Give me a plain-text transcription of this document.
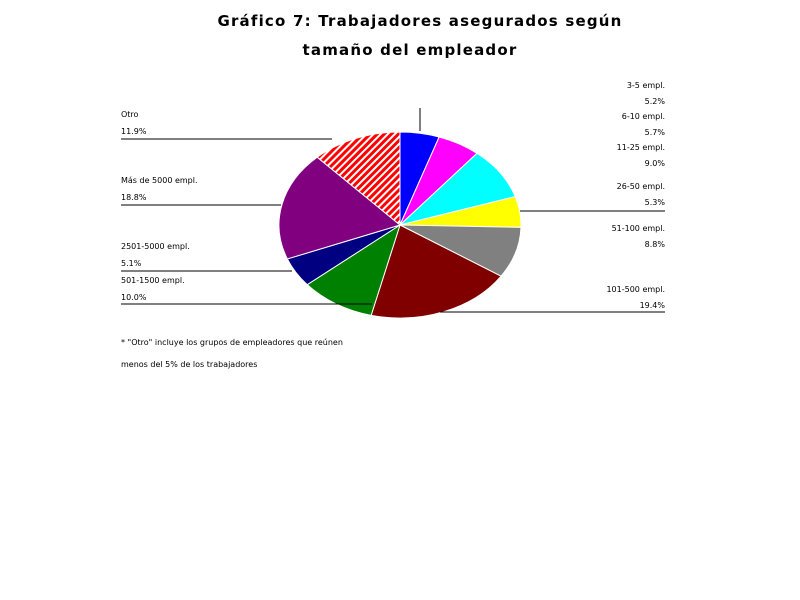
Gráfico 7: Trabajadores asegurados según
tamaño del empleador
3-5 empl.
5.2%
6-10 empl.
5.7%
11-25 empl.
9.0%
26-50 empl.
5.3%
51-100 empl.
8.8%
101-500 empl.
19.4%
501-1500 empl.
10.0%
2501-5000 empl.
5.1%
Más de 5000 empl.
18.8%
Otro
11.9%
* "Otro" incluye los grupos de empleadores que reúnen
menos del 5% de los trabajadores
